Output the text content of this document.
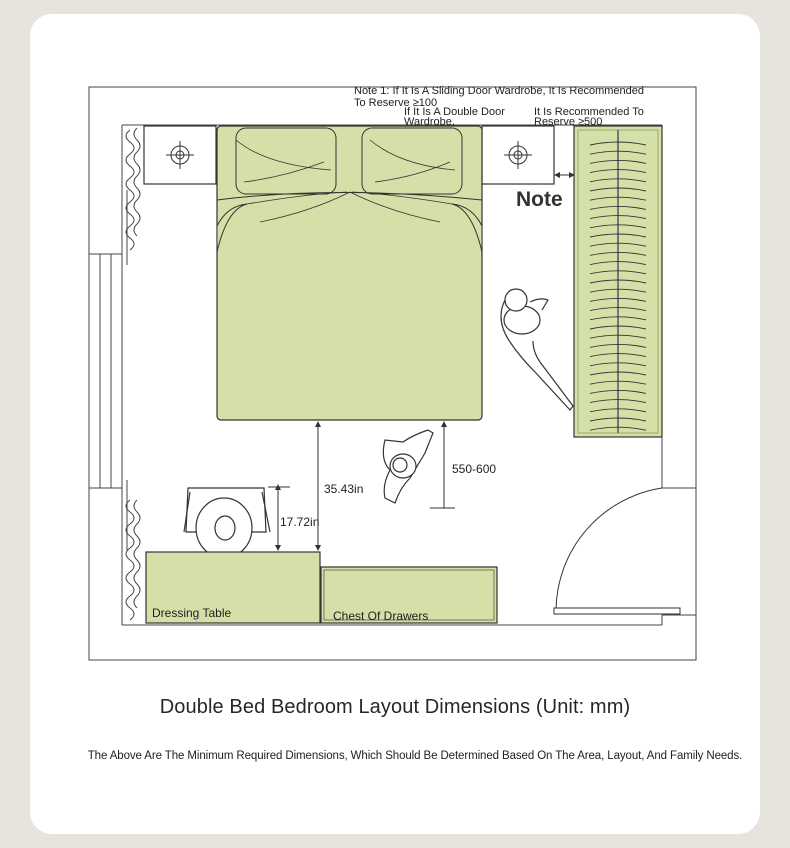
Note 1: If It Is A Sliding Door Wardrobe, It Is Recommended
To Reserve ≥100
If It Is A Double Door
Wardrobe,
It Is Recommended To
Reserve ≥500
Note
35.43in
550-600
17.72in
Dressing Table	Chest Of Drawers
Double Bed Bedroom Layout Dimensions (Unit: mm)
The Above Are The Minimum Required Dimensions, Which Should Be Determined Based On The Area, Layout, And Family Needs.
